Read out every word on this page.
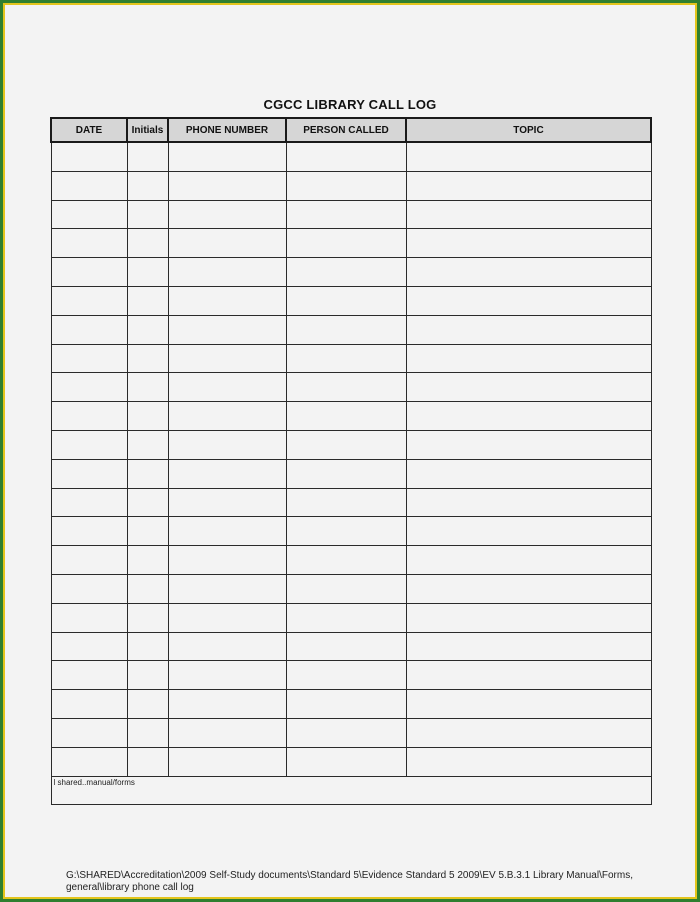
CGCC LIBRARY CALL LOG
DATE	Initials	PHONE NUMBER	PERSON CALLED	TOPIC

l shared..manual/forms				
G:\SHARED\Accreditation\2009 Self-Study documents\Standard 5\Evidence Standard 5 2009\EV 5.B.3.1 Library Manual\Forms,
general\library phone call log
